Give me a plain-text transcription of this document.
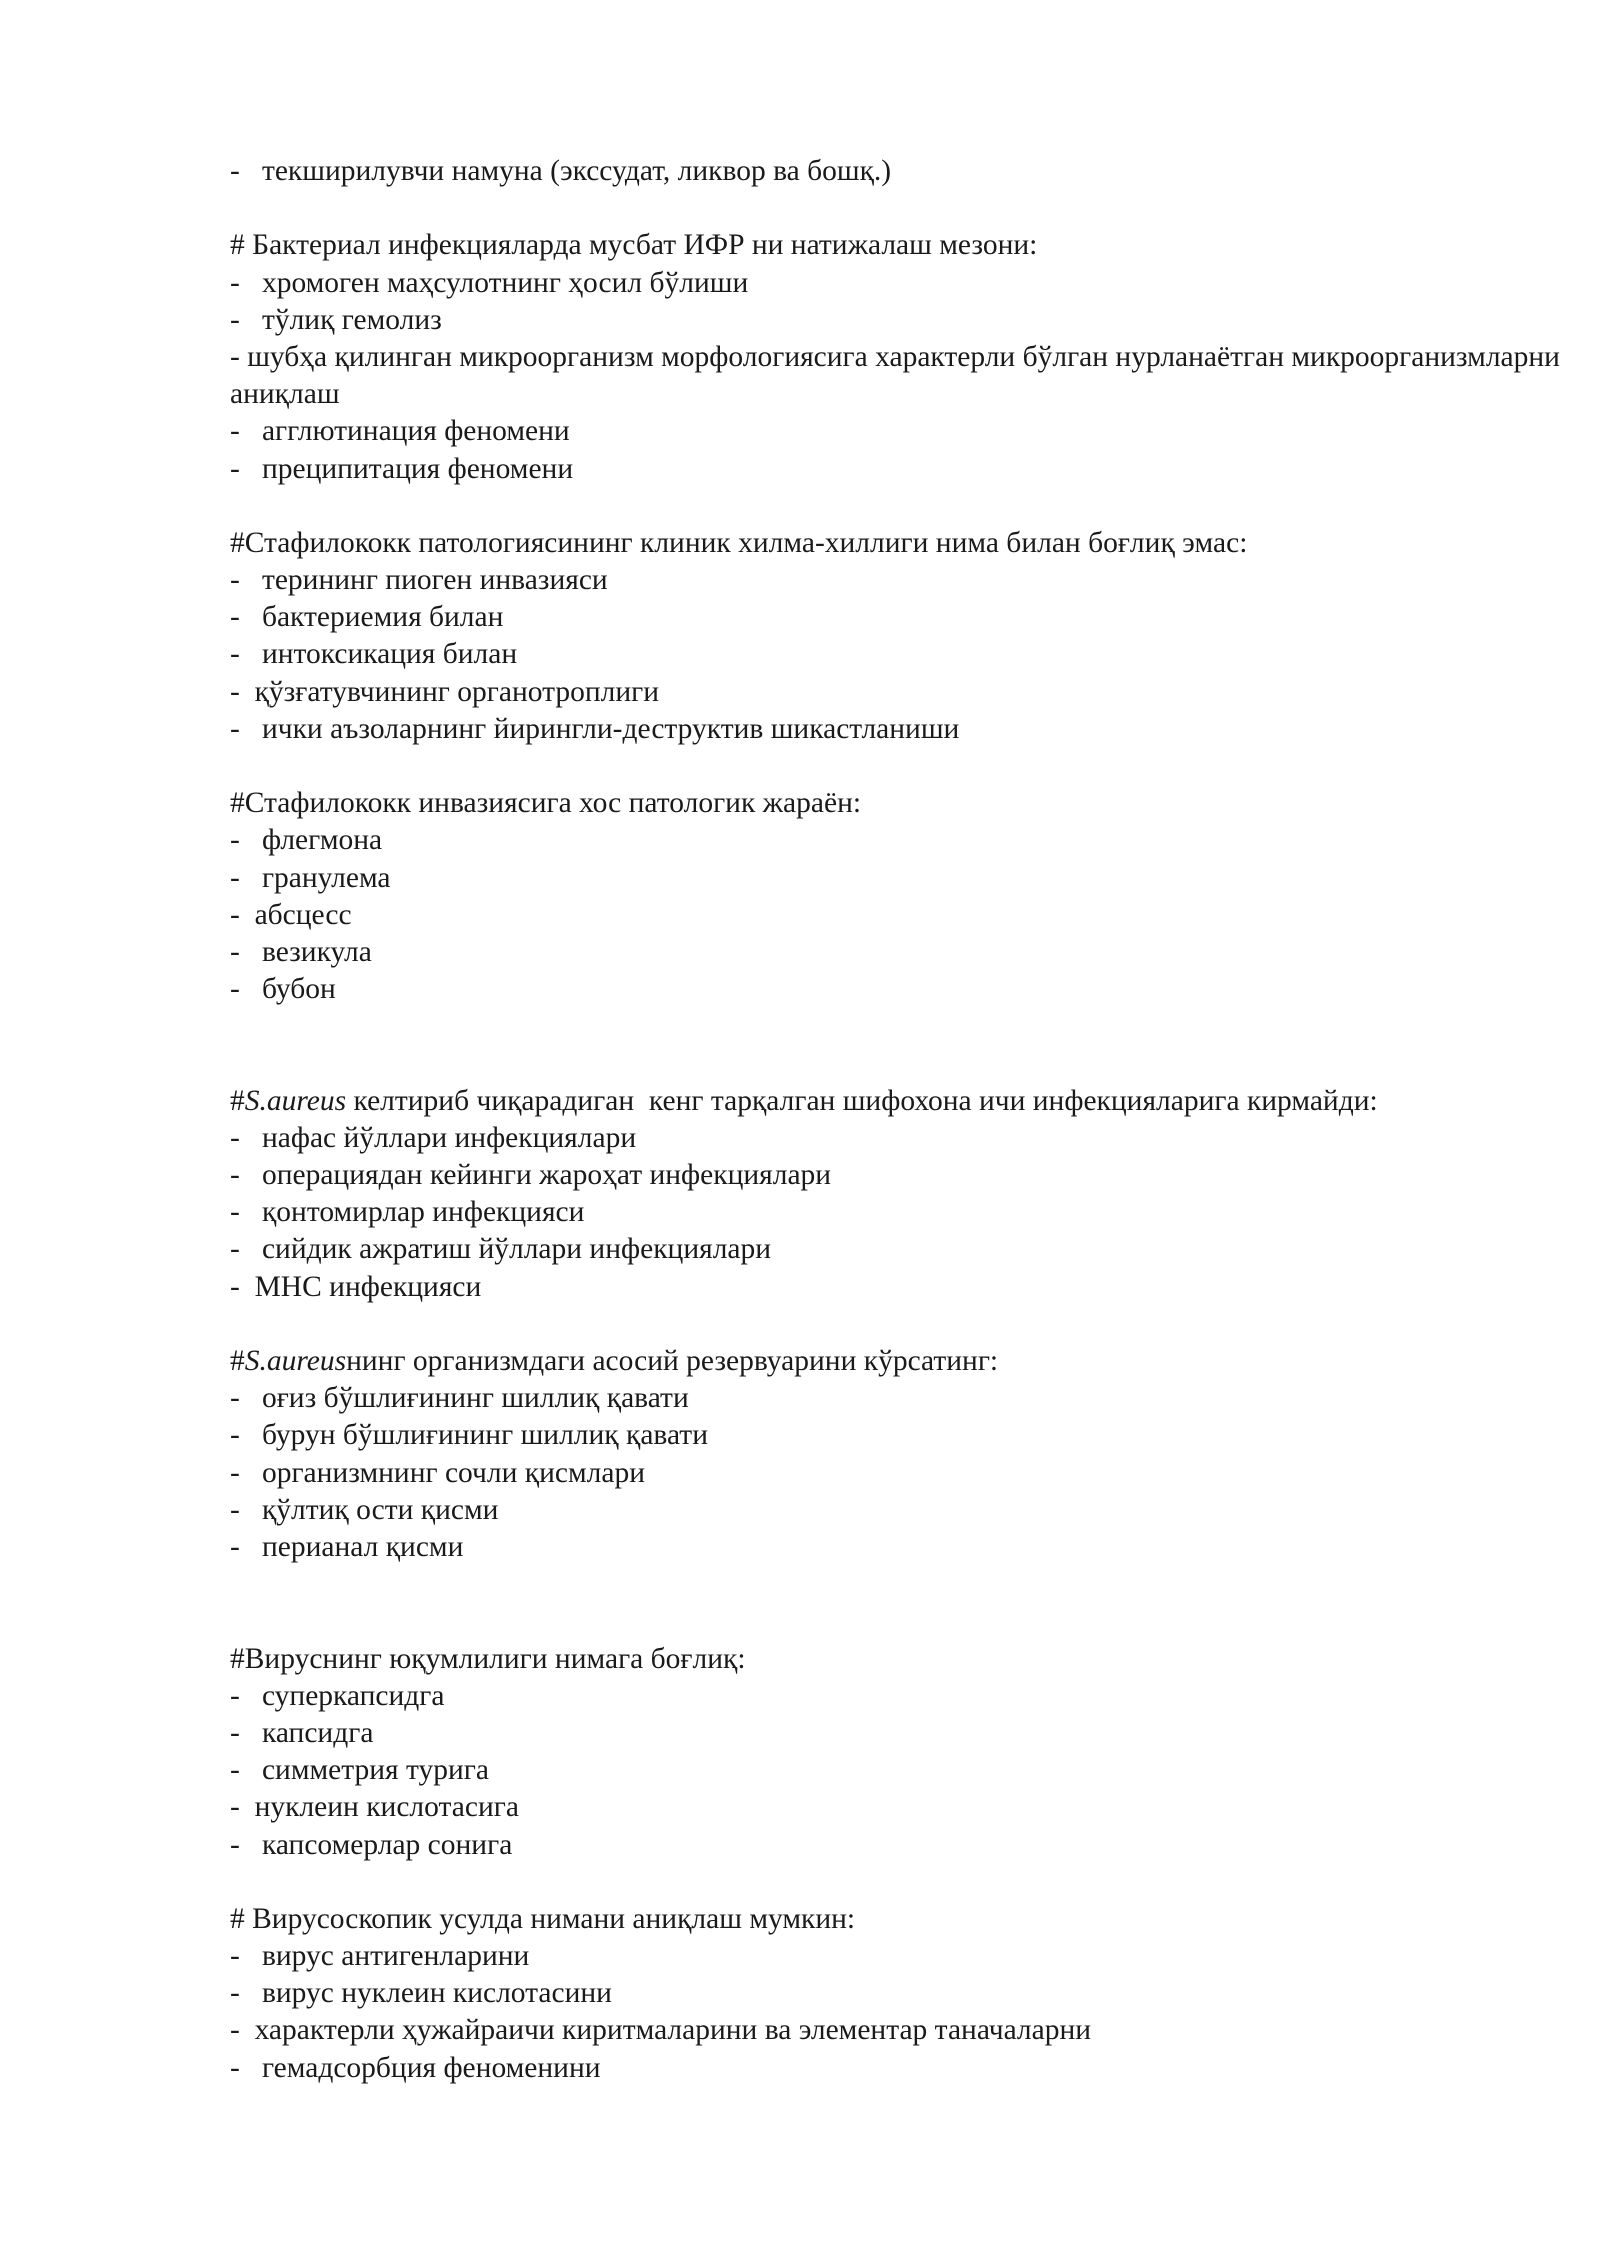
-   текширилувчи намуна (экссудат, ликвор ва бошқ.)
# Бактериал инфекцияларда мусбат ИФР ни натижалаш мезони:
-   хромоген маҳсулотнинг ҳосил бўлиши
-   тўлиқ гемолиз
- шубҳа қилинган микроорганизм морфологиясига характерли бўлган нурланаётган микроорганизмларни аниқлаш
-   агглютинация феномени
-   преципитация феномени
#Стафилококк патологиясининг клиник хилма-хиллиги нима билан боғлиқ эмас:
-   терининг пиоген инвазияси
-   бактериемия билан
-   интоксикация билан
-  қўзғатувчининг органотроплиги
-   ички аъзоларнинг йирингли-деструктив шикастланиши
#Стафилококк инвазиясига хос патологик жараён:
-   флегмона
-   гранулема
-  абсцесс
-   везикула
-   бубон
#S.aureus келтириб чиқарадиган  кенг тарқалган шифохона ичи инфекцияларига кирмайди:
-   нафас йўллари инфекциялари
-   операциядан кейинги жароҳат инфекциялари
-   қонтомирлар инфекцияси
-   сийдик ажратиш йўллари инфекциялари
-  МНС инфекцияси
#S.aureusнинг организмдаги асосий резервуарини кўрсатинг:
-   оғиз бўшлиғининг шиллиқ қавати
-   бурун бўшлиғининг шиллиқ қавати
-   организмнинг сочли қисмлари
-   қўлтиқ ости қисми
-   перианал қисми
#Вируснинг юқумлилиги нимага боғлиқ:
-   суперкапсидга
-   капсидга
-   симметрия турига
-  нуклеин кислотасига
-   капсомерлар сонига
# Вирусоскопик усулда нимани аниқлаш мумкин:
-   вирус антигенларини
-   вирус нуклеин кислотасини
-  характерли ҳужайраичи киритмаларини ва элементар таначаларни
-   гемадсорбция феноменини
